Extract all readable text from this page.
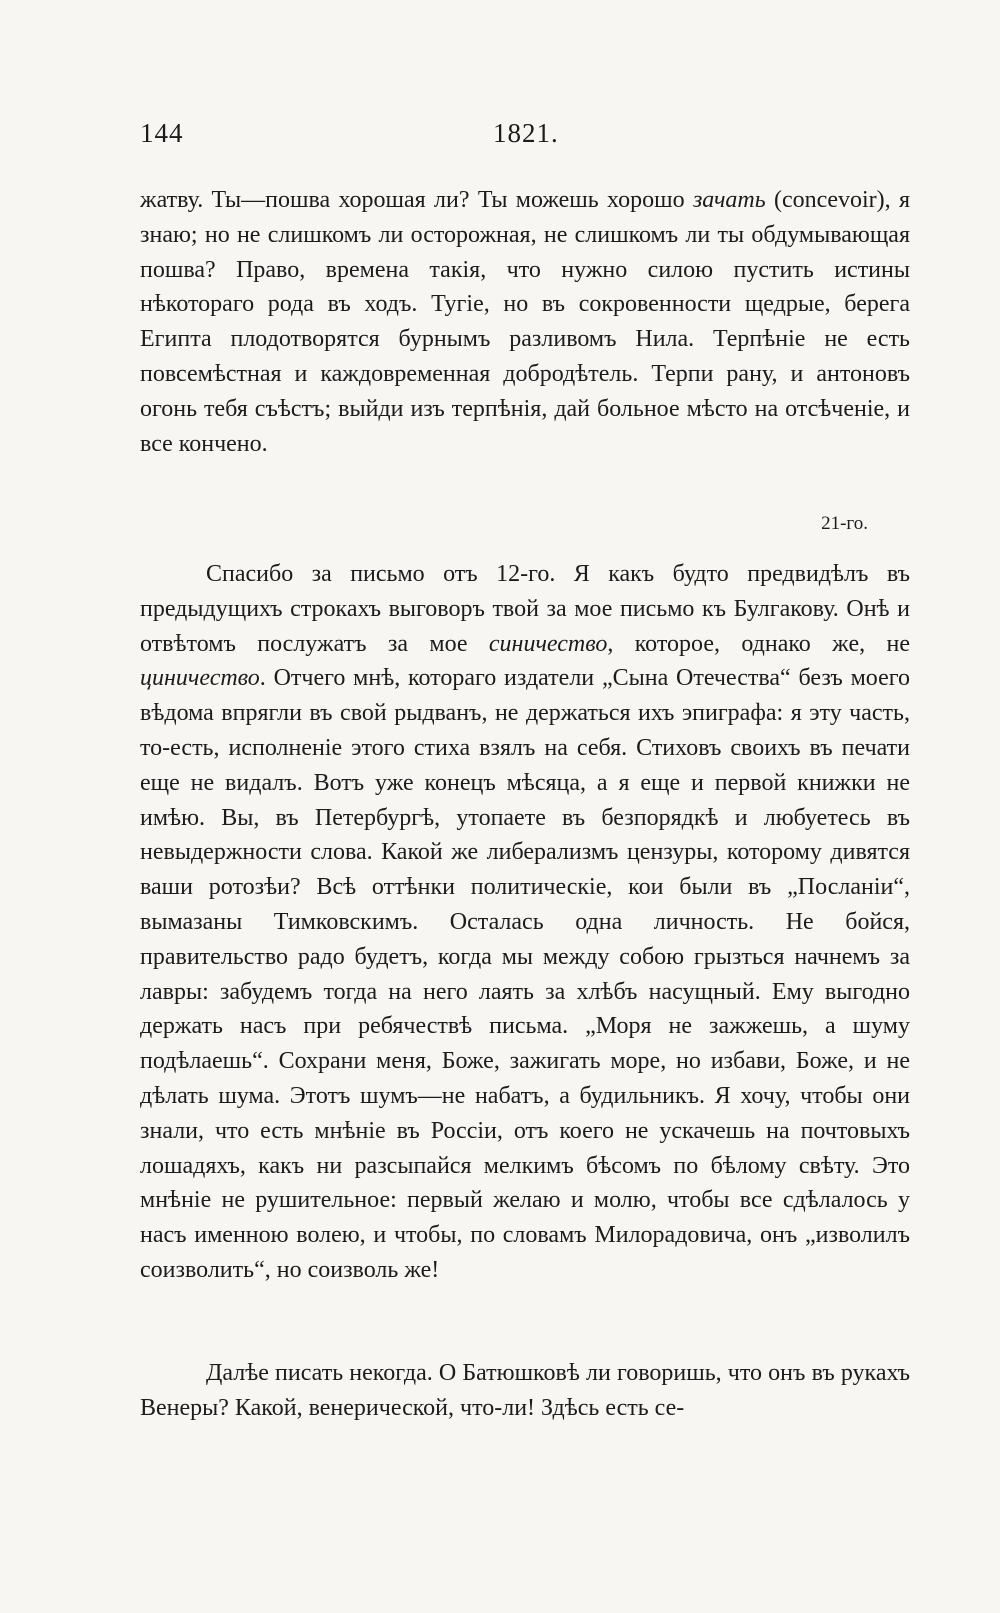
144	1821.

жатву. Ты—пошва хорошая ли? Ты можешь хорошо зачать (concevoir), я знаю; но не слишкомъ ли осторожная, не слишкомъ ли ты обдумывающая пошва? Право, времена такія, что нужно силою пустить истины нѣкотораго рода въ ходъ. Тугіе, но въ сокровенности щедрые, берега Египта плодотворятся бурнымъ разливомъ Нила. Терпѣніе не есть повсемѣстная и каждовременная добродѣтель. Терпи рану, и антоновъ огонь тебя съѣстъ; выйди изъ терпѣнія, дай больное мѣсто на отсѣченіе, и все кончено.

21-го.

Спасибо за письмо отъ 12-го. Я какъ будто предвидѣлъ въ предыдущихъ строкахъ выговоръ твой за мое письмо къ Булгакову. Онѣ и отвѣтомъ послужатъ за мое синичество, которое, однако же, не циничество. Отчего мнѣ, котораго издатели „Сына Отечества“ безъ моего вѣдома впрягли въ свой рыдванъ, не держаться ихъ эпиграфа: я эту часть, то-есть, исполненіе этого стиха взялъ на себя. Стиховъ своихъ въ печати еще не видалъ. Вотъ уже конецъ мѣсяца, а я еще и первой книжки не имѣю. Вы, въ Петербургѣ, утопаете въ безпорядкѣ и любуетесь въ невыдержности слова. Какой же либерализмъ цензуры, которому дивятся ваши ротозѣи? Всѣ оттѣнки политическіе, кои были въ „Посланіи“, вымазаны Тимковскимъ. Осталась одна личность. Не бойся, правительство радо будетъ, когда мы между собою грызться начнемъ за лавры: забудемъ тогда на него лаять за хлѣбъ насущный. Ему выгодно держать насъ при ребячествѣ письма. „Моря не зажжешь, а шуму подѣлаешь“. Сохрани меня, Боже, зажигать море, но избави, Боже, и не дѣлать шума. Этотъ шумъ—не набатъ, а будильникъ. Я хочу, чтобы они знали, что есть мнѣніе въ Россіи, отъ коего не ускачешь на почтовыхъ лошадяхъ, какъ ни разсыпайся мелкимъ бѣсомъ по бѣлому свѣту. Это мнѣніе не рушительное: первый желаю и молю, чтобы все сдѣлалось у насъ именною волею, и чтобы, по словамъ Милорадовича, онъ „изволилъ соизволить“, но соизволь же!

Далѣе писать некогда. О Батюшковѣ ли говоришь, что онъ въ рукахъ Венеры? Какой, венерической, что-ли! Здѣсь есть се-
